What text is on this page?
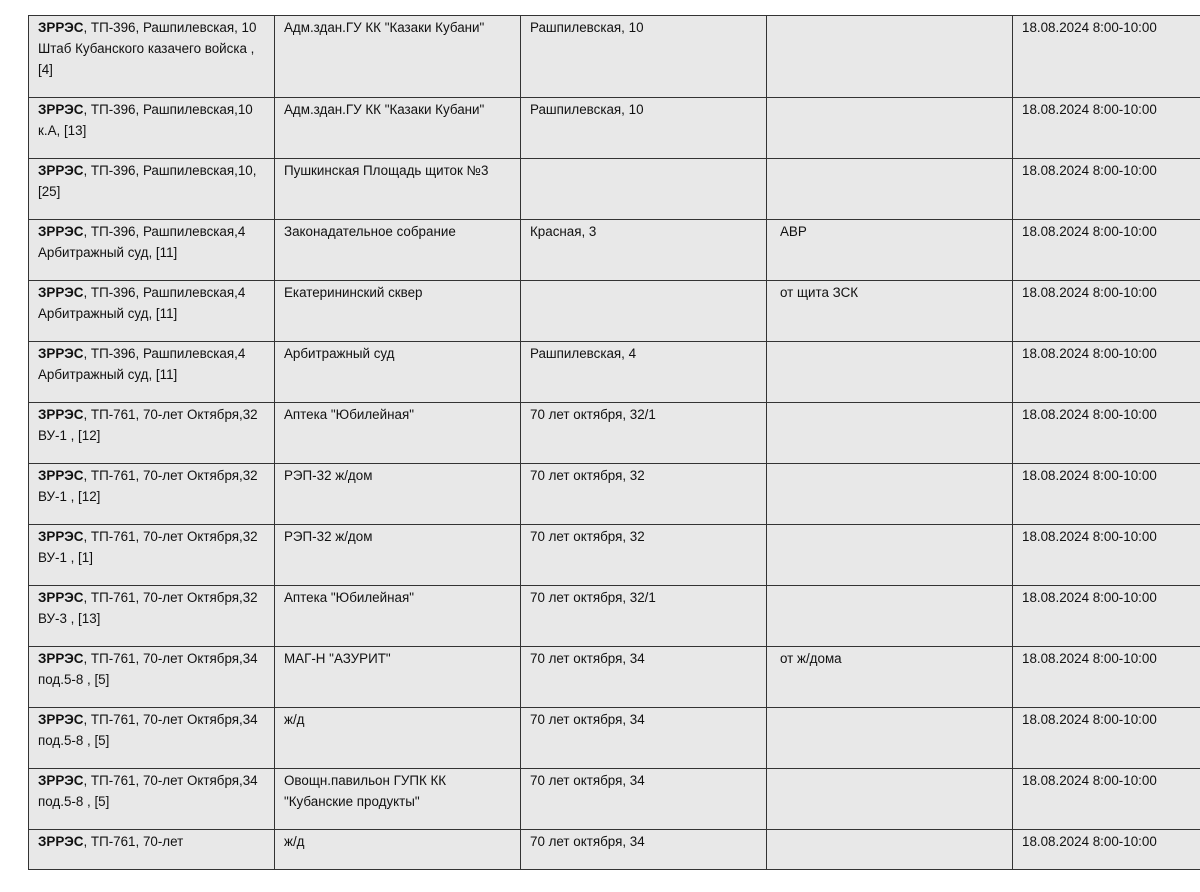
ЗРРЭС, ТП-396, Рашпилевская, 10 Штаб Кубанского казачего войска , [4]	Адм.здан.ГУ КК "Казаки Кубани"	Рашпилевская, 10		18.08.2024 8:00-10:00
ЗРРЭС, ТП-396, Рашпилевская,10 к.А, [13]	Адм.здан.ГУ КК "Казаки Кубани"	Рашпилевская, 10		18.08.2024 8:00-10:00
ЗРРЭС, ТП-396, Рашпилевская,10, [25]	Пушкинская Площадь щиток №3			18.08.2024 8:00-10:00
ЗРРЭС, ТП-396, Рашпилевская,4 Арбитражный суд, [11]	Законадательное собрание	Красная, 3	АВР	18.08.2024 8:00-10:00
ЗРРЭС, ТП-396, Рашпилевская,4 Арбитражный суд, [11]	Екатерининский сквер		от щита ЗСК	18.08.2024 8:00-10:00
ЗРРЭС, ТП-396, Рашпилевская,4 Арбитражный суд, [11]	Арбитражный суд	Рашпилевская, 4		18.08.2024 8:00-10:00
ЗРРЭС, ТП-761, 70-лет Октября,32 ВУ-1 , [12]	Аптека "Юбилейная"	70 лет октября, 32/1		18.08.2024 8:00-10:00
ЗРРЭС, ТП-761, 70-лет Октября,32 ВУ-1 , [12]	РЭП-32 ж/дом	70 лет октября, 32		18.08.2024 8:00-10:00
ЗРРЭС, ТП-761, 70-лет Октября,32 ВУ-1 , [1]	РЭП-32 ж/дом	70 лет октября, 32		18.08.2024 8:00-10:00
ЗРРЭС, ТП-761, 70-лет Октября,32 ВУ-3 , [13]	Аптека "Юбилейная"	70 лет октября, 32/1		18.08.2024 8:00-10:00
ЗРРЭС, ТП-761, 70-лет Октября,34 под.5-8 , [5]	МАГ-Н "АЗУРИТ"	70 лет октября, 34	от ж/дома	18.08.2024 8:00-10:00
ЗРРЭС, ТП-761, 70-лет Октября,34 под.5-8 , [5]	ж/д	70 лет октября, 34		18.08.2024 8:00-10:00
ЗРРЭС, ТП-761, 70-лет Октября,34 под.5-8 , [5]	Овощн.павильон ГУПК КК "Кубанские продукты"	70 лет октября, 34		18.08.2024 8:00-10:00
ЗРРЭС, ТП-761, 70-лет	ж/д	70 лет октября, 34		18.08.2024 8:00-10:00
